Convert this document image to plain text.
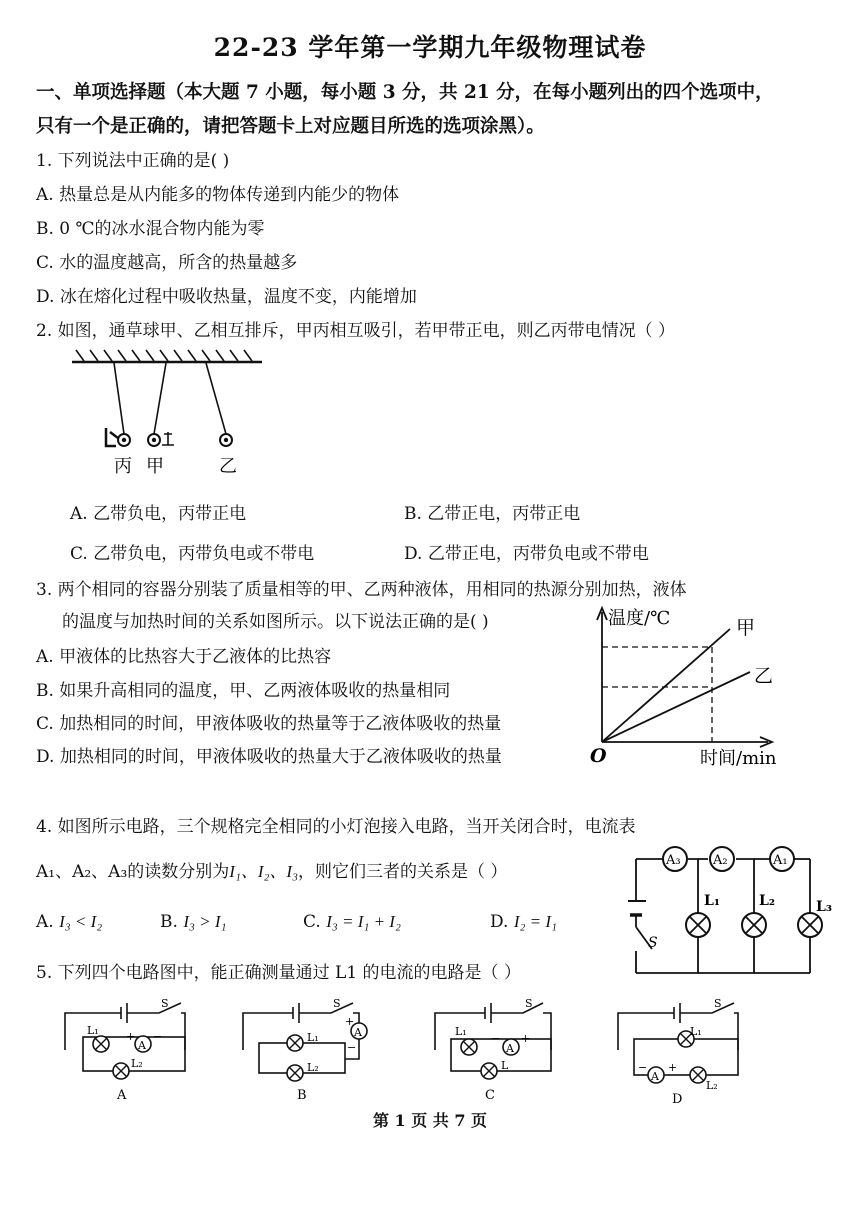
22-23 学年第一学期九年级物理试卷
一、单项选择题（本大题 7 小题，每小题 3 分，共 21 分，在每小题列出的四个选项中，
只有一个是正确的，请把答题卡上对应题目所选的选项涂黑）。
1. 下列说法中正确的是( )
A. 热量总是从内能多的物体传递到内能少的物体
B. 0 ℃的冰水混合物内能为零
C. 水的温度越高，所含的热量越多
D. 冰在熔化过程中吸收热量，温度不变，内能增加
2. 如图，通草球甲、乙相互排斥，甲丙相互吸引，若甲带正电，则乙丙带电情况（ ）
丙 甲	乙
A. 乙带负电，丙带正电	B. 乙带正电，丙带正电
C. 乙带负电，丙带负电或不带电	D. 乙带正电，丙带负电或不带电
3. 两个相同的容器分别装了质量相等的甲、乙两种液体，用相同的热源分别加热，液体
的温度与加热时间的关系如图所示。以下说法正确的是( )
A. 甲液体的比热容大于乙液体的比热容
B. 如果升高相同的温度，甲、乙两液体吸收的热量相同
C. 加热相同的时间，甲液体吸收的热量等于乙液体吸收的热量
D. 加热相同的时间，甲液体吸收的热量大于乙液体吸收的热量
温度/℃	甲
乙
O	时间/min
4. 如图所示电路，三个规格完全相同的小灯泡接入电路，当开关闭合时，电流表
A₁、A₂、A₃的读数分别为I₁、I₂、I₃，则它们三者的关系是（ ）
A. I₃ < I₂	B. I₃ > I₁	C. I₃ = I₁ + I₂	D. I₂ = I₁
A₃ A₂	A₁
L₁	L₂	L₃
S
5. 下列四个电路图中，能正确测量通过 L1 的电流的电路是（ ）
L₁
A
+ −
L₂
S
A
A
+
−
L₁
L₂
S
B
L₁
A
− +
L
S
C
L₁
A
− +
L₂
S
D
第 1 页 共 7 页
